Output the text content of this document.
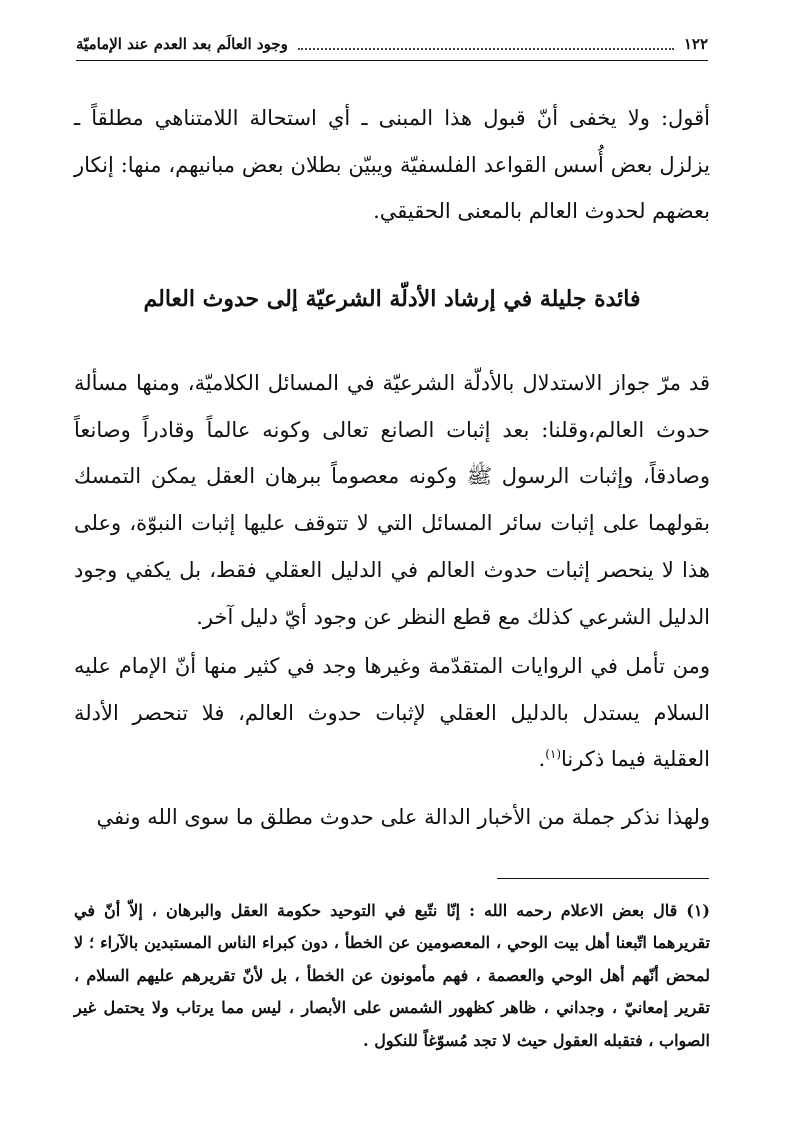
١٢٢
وجود العالَم بعد العدم عند الإماميّة
أقول: ولا يخفى أنّ قبول هذا المبنى ـ أي استحالة اللامتناهي مطلقاً ـ يزلزل بعض أُسس القواعد الفلسفيّة ويبيّن بطلان بعض مبانيهم، منها: إنكار بعضهم لحدوث العالم بالمعنى الحقيقي.
فائدة جليلة في إرشاد الأدلّة الشرعيّة إلى حدوث العالم
قد مرّ جواز الاستدلال بالأدلّة الشرعيّة في المسائل الكلاميّة، ومنها مسألة حدوث العالم،وقلنا: بعد إثبات الصانع تعالى وكونه عالماً وقادراً وصانعاً وصادقاً، وإثبات الرسول ﷺ وكونه معصوماً ببرهان العقل يمكن التمسك بقولهما على إثبات سائر المسائل التي لا تتوقف عليها إثبات النبوّة، وعلى هذا لا ينحصر إثبات حدوث العالم في الدليل العقلي فقط، بل يكفي وجود الدليل الشرعي كذلك مع قطع النظر عن وجود أيّ دليل آخر.
ومن تأمل في الروايات المتقدّمة وغيرها وجد في كثير منها أنّ الإمام عليه السلام يستدل بالدليل العقلي لإثبات حدوث العالم، فلا تنحصر الأدلة العقلية فيما ذكرنا$^{(١)}$.
ولهذا نذكر جملة من الأخبار الدالة على حدوث مطلق ما سوى الله ونفي
(١) قال بعض الاعلام رحمه الله : إنّا نتّبع في التوحيد حكومة العقل والبرهان ، إلاّ أنّ في تقريرهما اتّبعنا أهل بيت الوحي ، المعصومين عن الخطأ ، دون كبراء الناس المستبدين بالآراء ؛ لا لمحض أنّهم أهل الوحي والعصمة ، فهم مأمونون عن الخطأ ، بل لأنّ تقريرهم عليهم السلام ، تقرير إمعانيّ ، وجداني ، ظاهر كظهور الشمس على الأبصار ، ليس مما يرتاب ولا يحتمل غير الصواب ، فتقبله العقول حيث لا تجد مُسوّغاً للنكول .
